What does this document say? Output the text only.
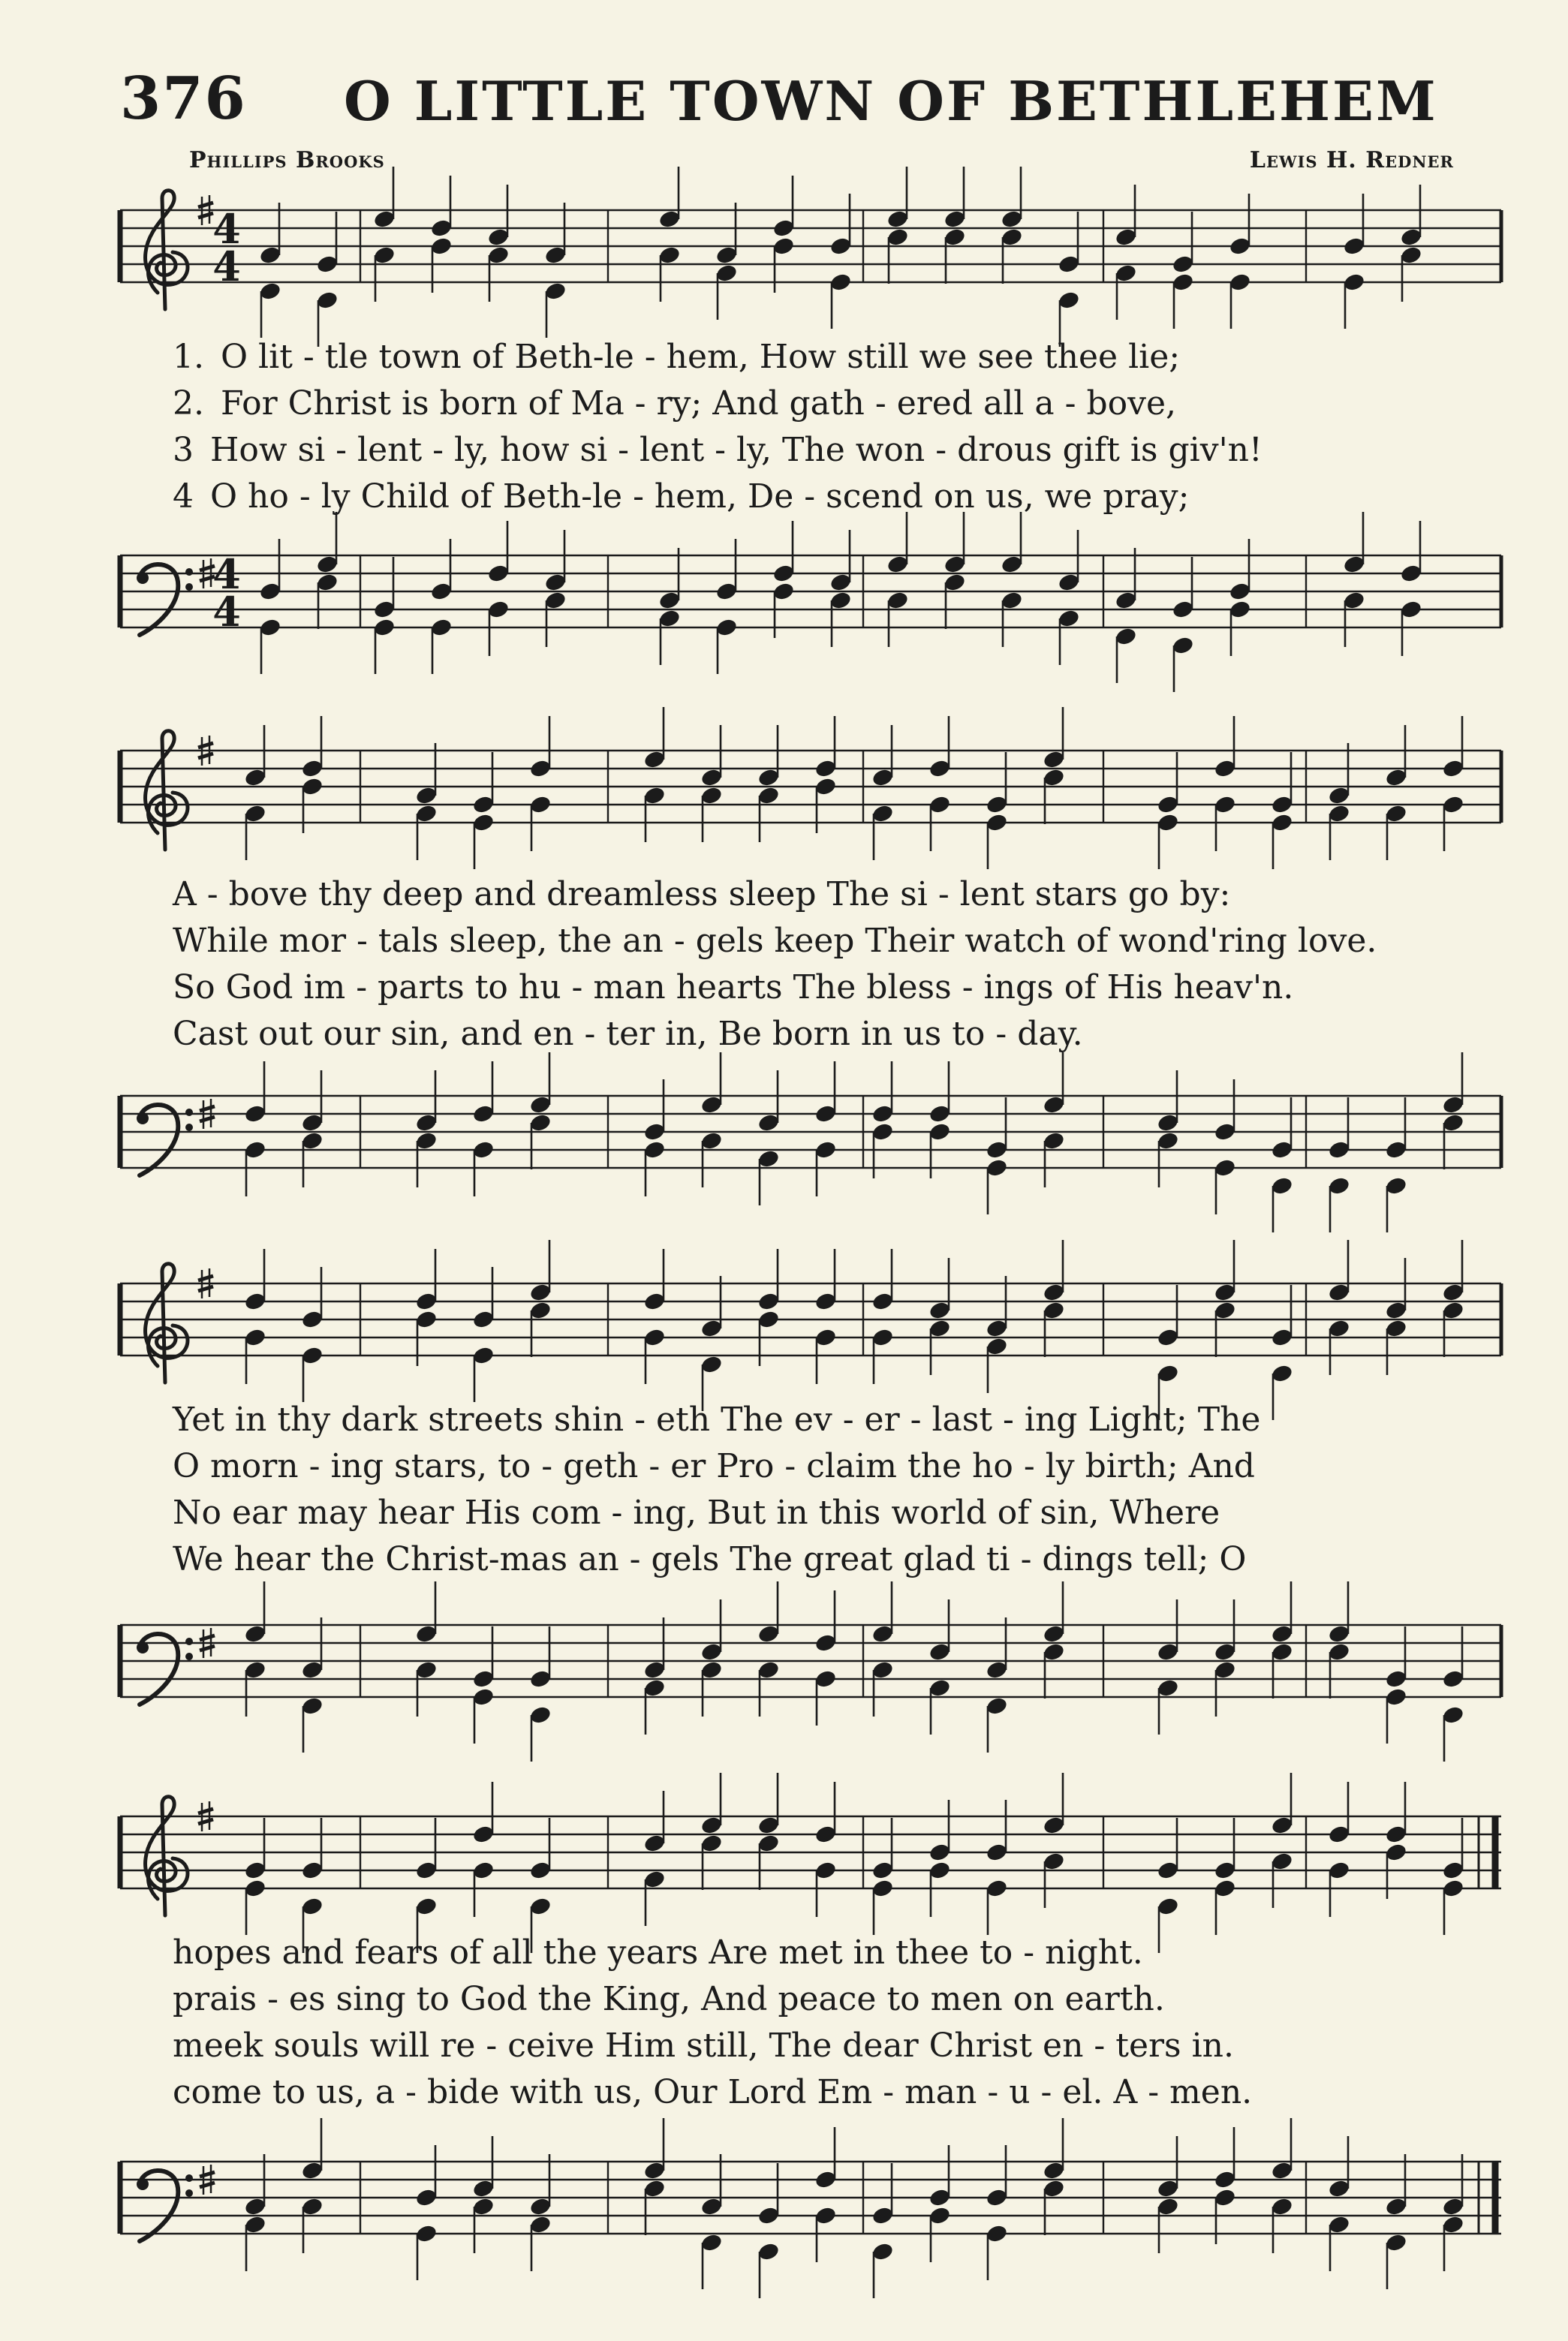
376 O LITTLE TOWN OF BETHLEHEM
Phillips Brooks	Lewis H. Redner
4
4
1. O lit - tle town of Beth-le - hem, How still we see thee lie;
2. For Christ is born of Ma - ry; And gath - ered all a - bove,
3 How si - lent - ly, how si - lent - ly, The won - drous gift is giv'n!
4 O ho - ly Child of Beth-le - hem, De - scend on us, we pray;
4
4
A - bove thy deep and dreamless sleep The si - lent stars go by:
While mor - tals sleep, the an - gels keep Their watch of wond'ring love.
So God im - parts to hu - man hearts The bless - ings of His heav'n.
Cast out our sin, and en - ter in, Be born in us to - day.
Yet in thy dark streets shin - eth The ev - er - last - ing Light; The
O morn - ing stars, to - geth - er Pro - claim the ho - ly birth; And
No ear may hear His com - ing, But in this world of sin, Where
We hear the Christ-mas an - gels The great glad ti - dings tell; O
hopes and fears of all the years Are met in thee to - night.
prais - es sing to God the King, And peace to men on earth.
meek souls will re - ceive Him still, The dear Christ en - ters in.
come to us, a - bide with us, Our Lord Em - man - u - el. A - men.
